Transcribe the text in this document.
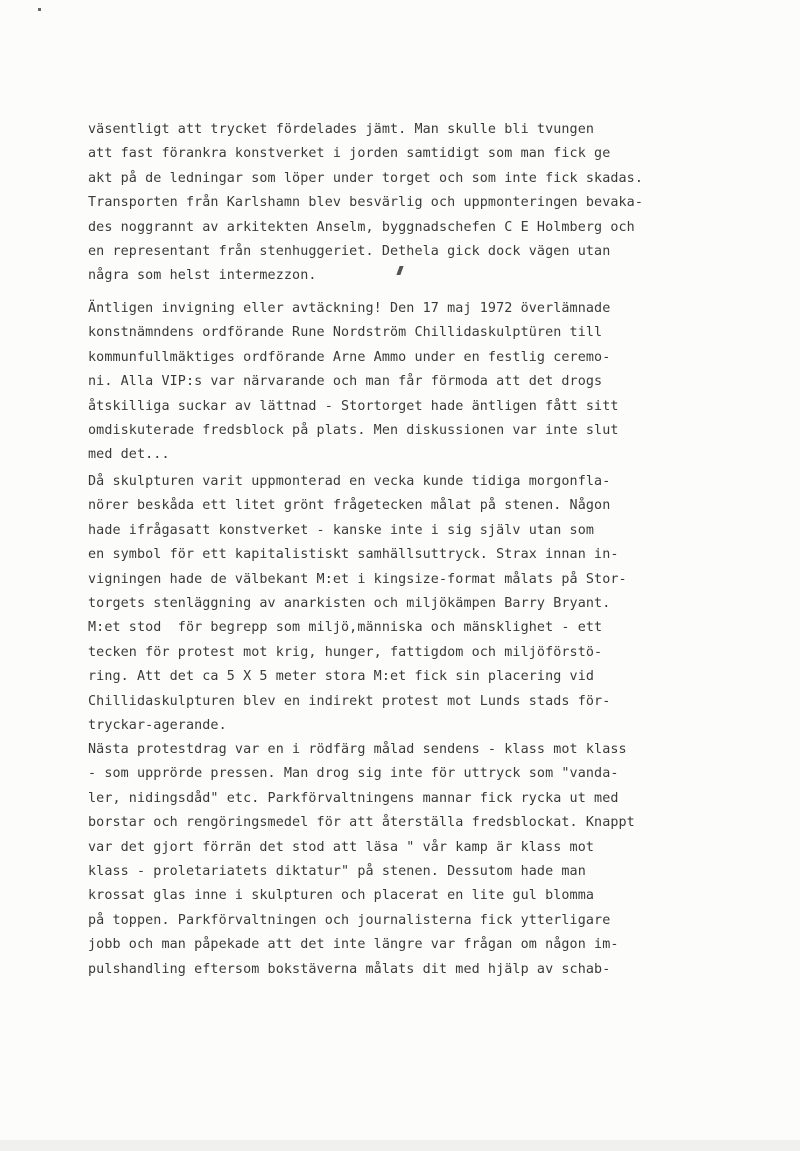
väsentligt att trycket fördelades jämt. Man skulle bli tvungen
att fast förankra konstverket i jorden samtidigt som man fick ge
akt på de ledningar som löper under torget och som inte fick skadas.
Transporten från Karlshamn blev besvärlig och uppmonteringen bevaka-
des noggrannt av arkitekten Anselm, byggnadschefen C E Holmberg och
en representant från stenhuggeriet. Dethela gick dock vägen utan
några som helst intermezzon.
Äntligen invigning eller avtäckning! Den 17 maj 1972 överlämnade
konstnämndens ordförande Rune Nordström Chillidaskulptüren till
kommunfullmäktiges ordförande Arne Ammo under en festlig ceremo-
ni. Alla VIP:s var närvarande och man får förmoda att det drogs
åtskilliga suckar av lättnad - Stortorget hade äntligen fått sitt
omdiskuterade fredsblock på plats. Men diskussionen var inte slut
med det...
Då skulpturen varit uppmonterad en vecka kunde tidiga morgonfla-
nörer beskåda ett litet grönt frågetecken målat på stenen. Någon
hade ifrågasatt konstverket - kanske inte i sig själv utan som
en symbol för ett kapitalistiskt samhällsuttryck. Strax innan in-
vigningen hade de välbekant M:et i kingsize-format målats på Stor-
torgets stenläggning av anarkisten och miljökämpen Barry Bryant.
M:et stod  för begrepp som miljö,människa och mänsklighet - ett
tecken för protest mot krig, hunger, fattigdom och miljöförstö-
ring. Att det ca 5 X 5 meter stora M:et fick sin placering vid
Chillidaskulpturen blev en indirekt protest mot Lunds stads för-
tryckar-agerande.
Nästa protestdrag var en i rödfärg målad sendens - klass mot klass
- som upprörde pressen. Man drog sig inte för uttryck som "vanda-
ler, nidingsdåd" etc. Parkförvaltningens mannar fick rycka ut med
borstar och rengöringsmedel för att återställa fredsblockat. Knappt
var det gjort förrän det stod att läsa " vår kamp är klass mot
klass - proletariatets diktatur" på stenen. Dessutom hade man
krossat glas inne i skulpturen och placerat en lite gul blomma
på toppen. Parkförvaltningen och journalisterna fick ytterligare
jobb och man påpekade att det inte längre var frågan om någon im-
pulshandling eftersom bokstäverna målats dit med hjälp av schab-
